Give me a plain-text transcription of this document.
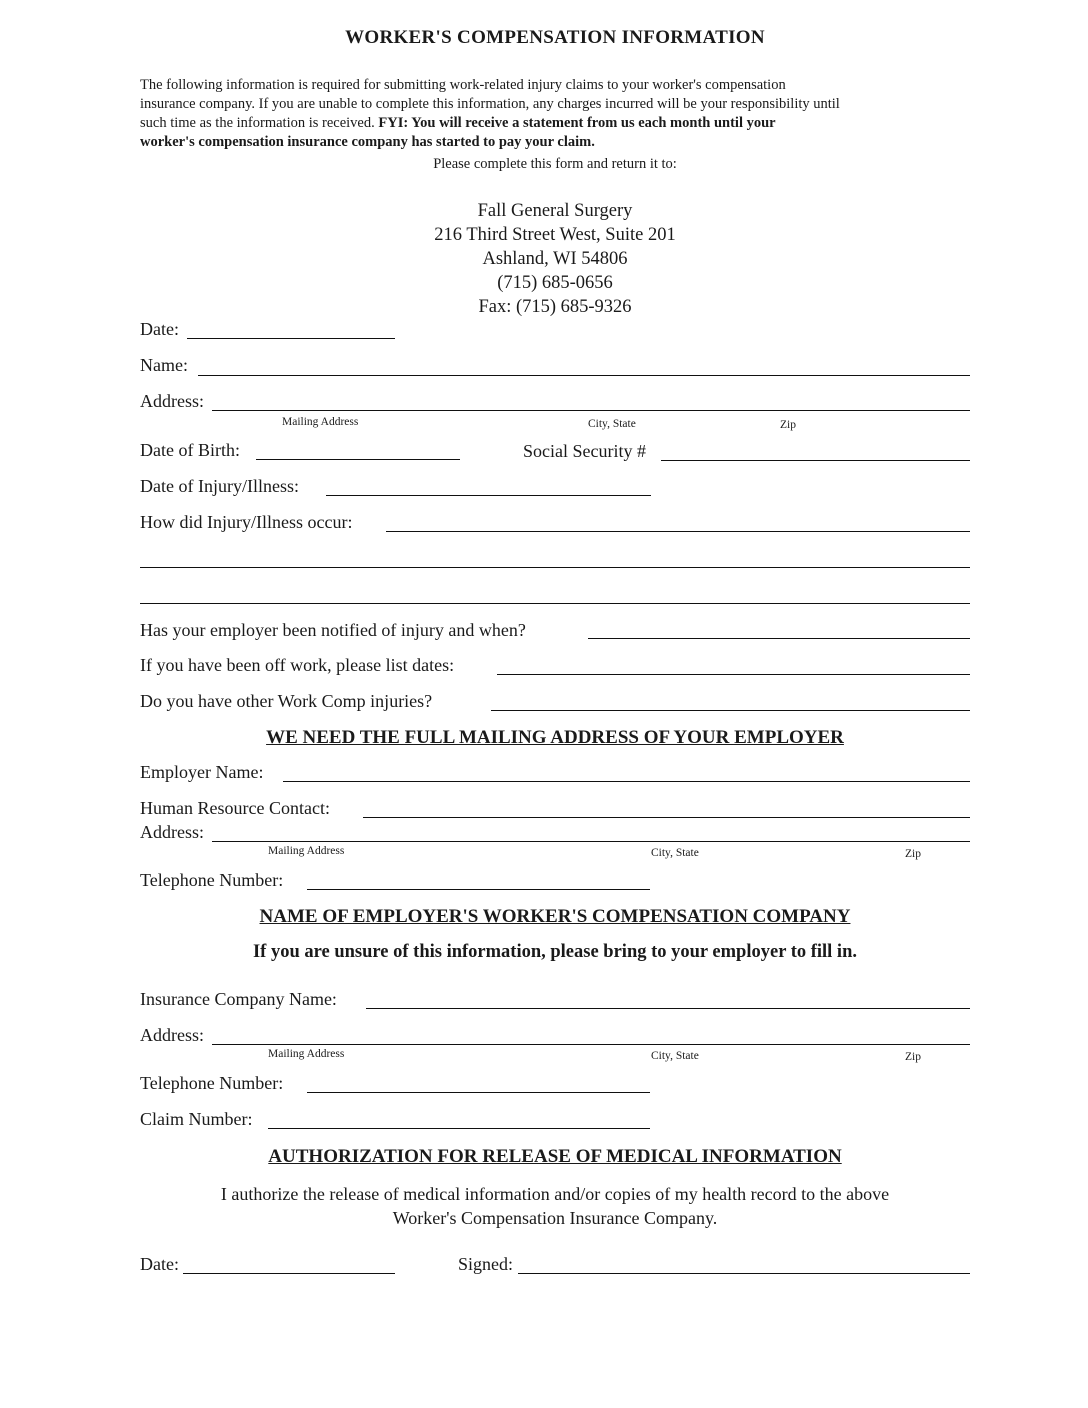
WORKER'S COMPENSATION INFORMATION
The following information is required for submitting work-related injury claims to your worker's compensation
insurance company. If you are unable to complete this information, any charges incurred will be your responsibility until
such time as the information is received. FYI: You will receive a statement from us each month until your
worker's compensation insurance company has started to pay your claim.
Please complete this form and return it to:
Fall General Surgery
216 Third Street West, Suite 201
Ashland, WI 54806
(715) 685-0656
Fax: (715) 685-9326
Date:
Name:
Address:
Mailing Address	City, State	Zip
Date of Birth:	Social Security #
Date of Injury/Illness:
How did Injury/Illness occur:
Has your employer been notified of injury and when?
If you have been off work, please list dates:
Do you have other Work Comp injuries?
WE NEED THE FULL MAILING ADDRESS OF YOUR EMPLOYER
Employer Name:
Human Resource Contact:
Address:
Mailing Address	City, State	Zip
Telephone Number:
NAME OF EMPLOYER'S WORKER'S COMPENSATION COMPANY
If you are unsure of this information, please bring to your employer to fill in.
Insurance Company Name:
Address:
Mailing Address	City, State	Zip
Telephone Number:
Claim Number:
AUTHORIZATION FOR RELEASE OF MEDICAL INFORMATION
I authorize the release of medical information and/or copies of my health record to the above
Worker's Compensation Insurance Company.
Date:	Signed:
